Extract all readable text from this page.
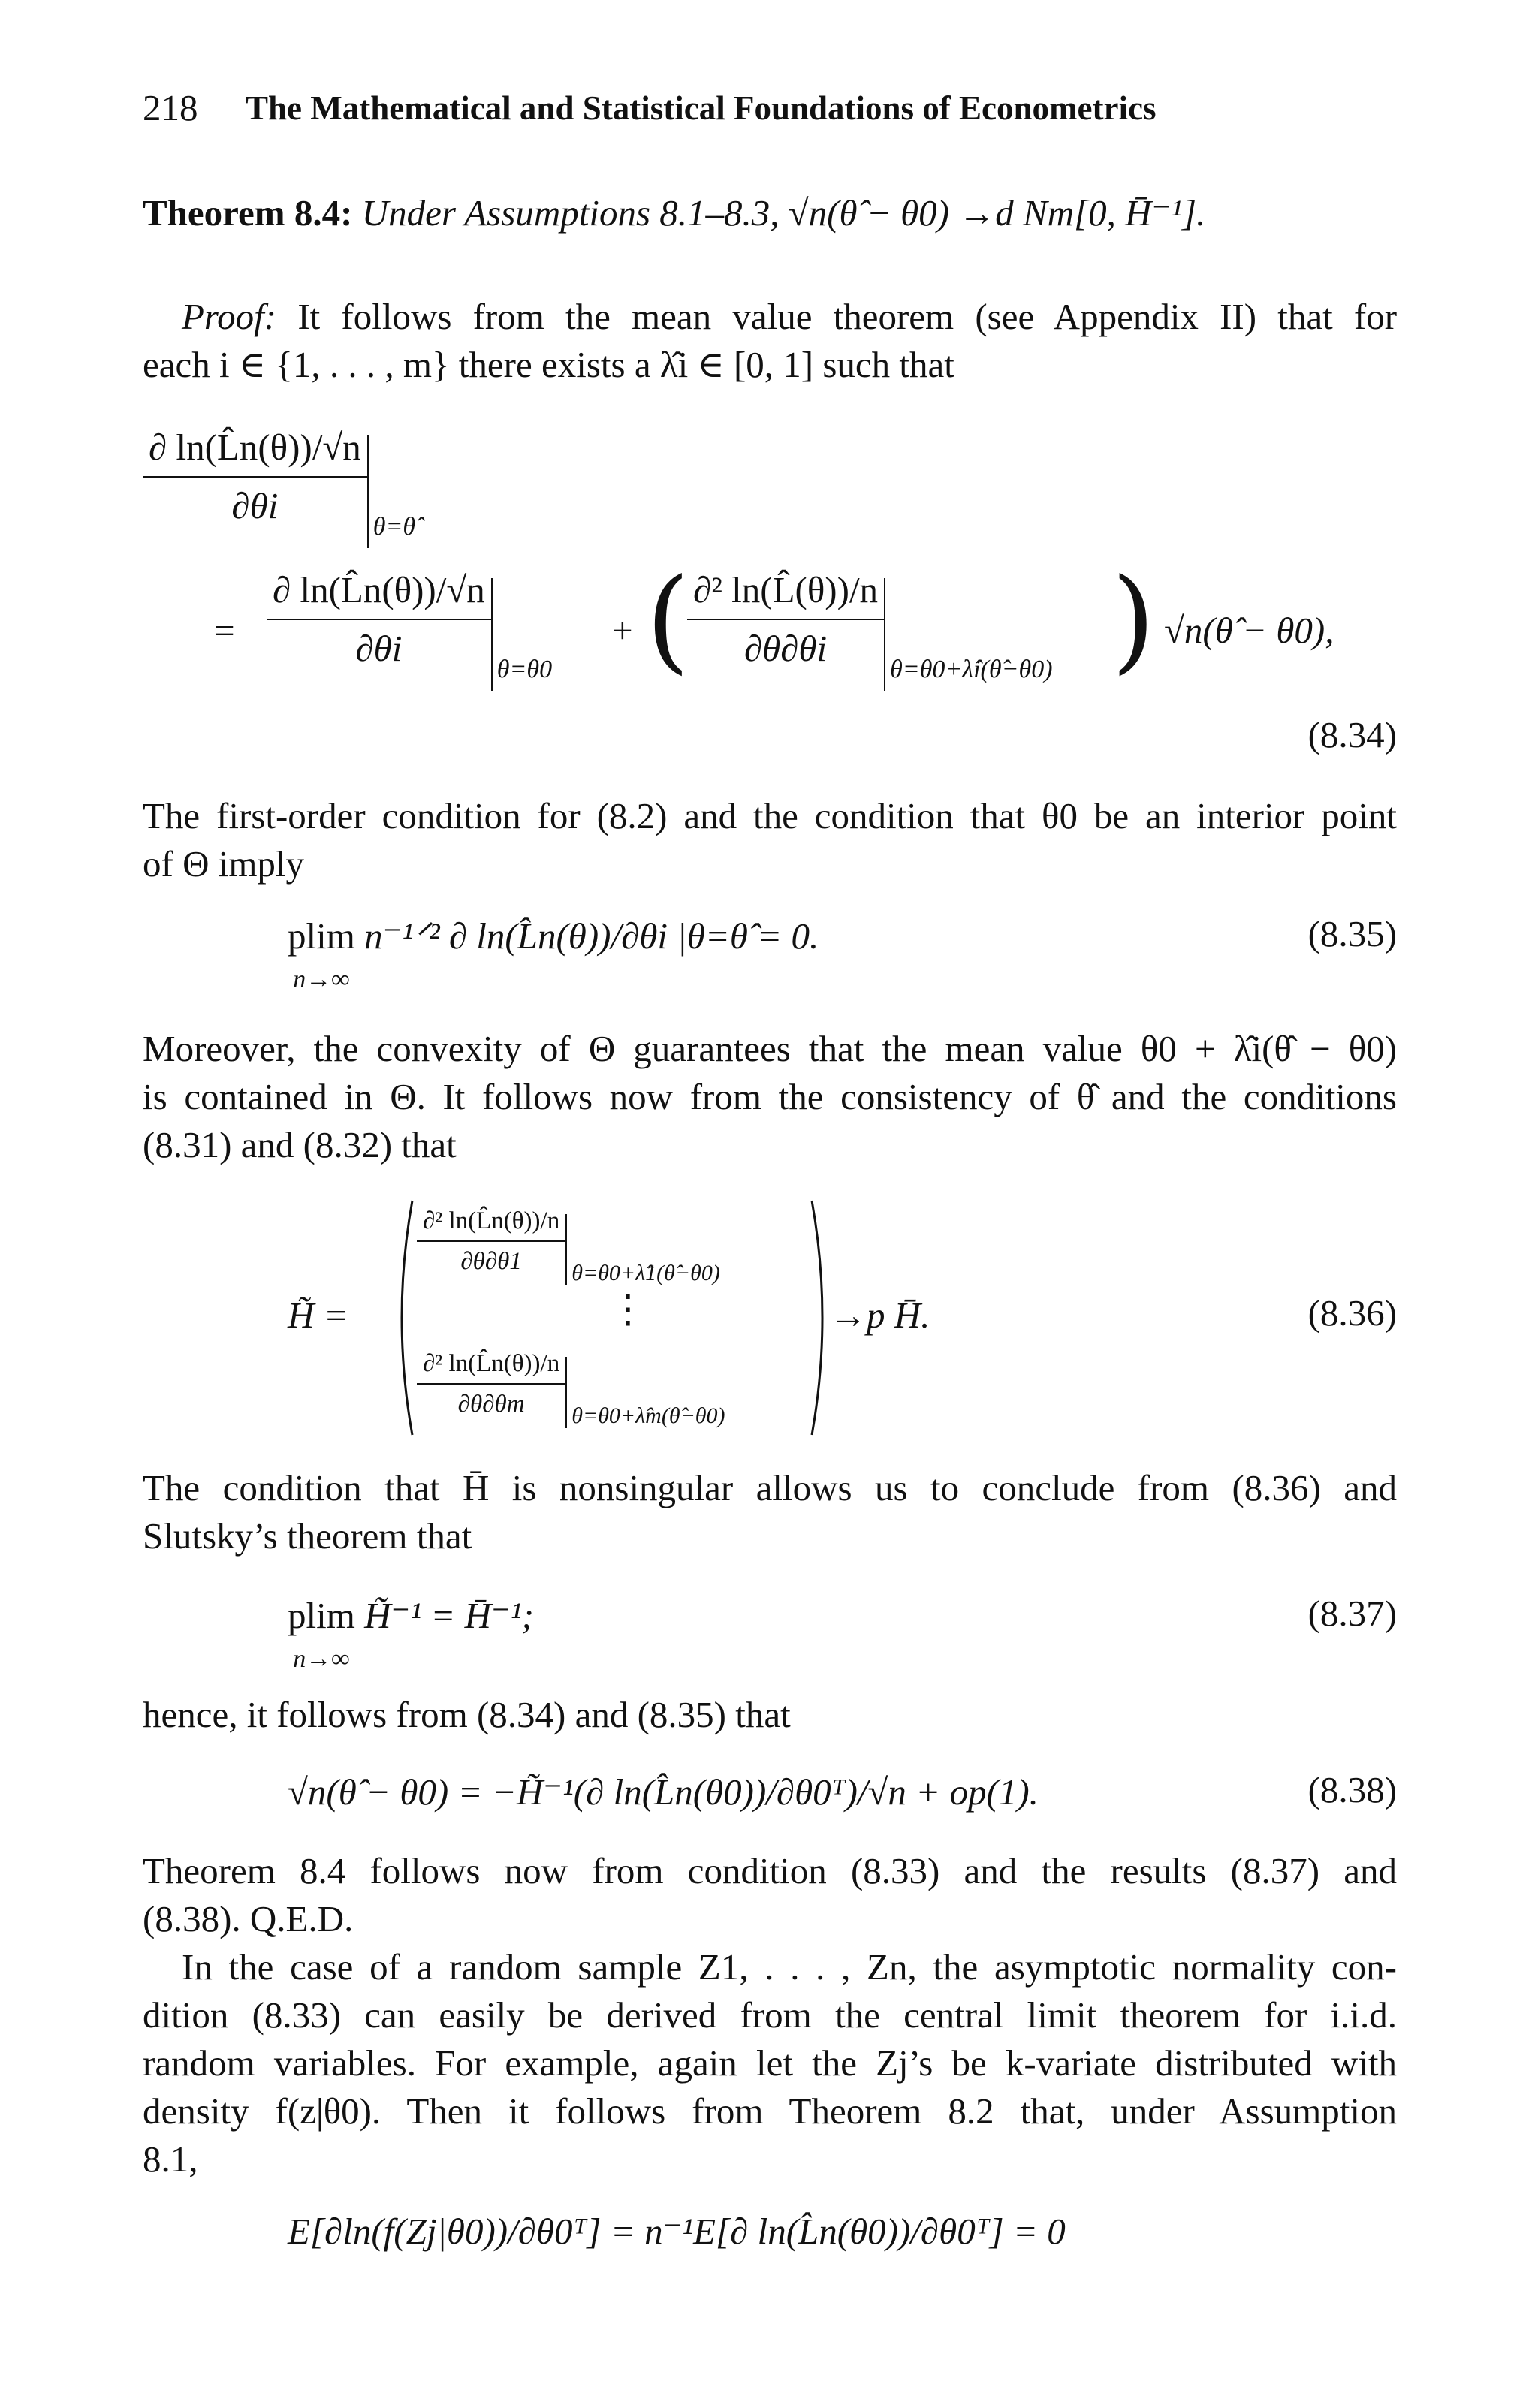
218 The Mathematical and Statistical Foundations of Econometrics
Theorem 8.4: Under Assumptions 8.1–8.3, √n(θ̂ − θ0) →d Nm[0, H̄⁻¹].
Proof: It follows from the mean value theorem (see Appendix II) that for
each i ∈ {1, . . . , m} there exists a λ̂i ∈ [0, 1] such that
$\frac{\partial \ln(L̂n(\theta))/√n}{\partial\theta i}$ θ=θ̂
= $\frac{\partial \ln(L̂n(\theta))/√n}{\partial\theta i} \theta=\theta 0$
+ (
$\frac{\text{∂² ln(L̂(θ))/n}}{\partial\theta\partial\theta i}$ θ=θ0+λ̂i(θ̂−θ0) ) √n(θ̂ − θ0),
(8.34)
The first-order condition for (8.2) and the condition that θ0 be an interior point
of Θ imply
plim
$^{n\to\infty}$ n⁻¹ᐟ² ∂ ln(L̂n(θ))/∂θi |θ=θ̂ = 0.	(8.35)
Moreover, the convexity of Θ guarantees that the mean value θ0 + λ̂i(θ̂ − θ0)
is contained in Θ. It follows now from the consistency of θ̂ and the conditions
(8.31) and (8.32) that
H̃ =
$\frac{\text{∂² ln(L̂n(θ))/n}}{\partial\theta\partial\theta 1}$ θ=θ0+λ̂1(θ̂−θ0)
⋮
$\frac{\text{∂² ln(L̂n(θ))/n}}{\partial\theta\partial\theta m}$ θ=θ0+λ̂m(θ̂−θ0)
→p H̄.	(8.36)
The condition that H̄ is nonsingular allows us to conclude from (8.36) and
Slutsky’s theorem that
plim
$^{n\to\infty}$ H̃⁻¹ = H̄⁻¹;	(8.37)
hence, it follows from (8.34) and (8.35) that
√n(θ̂ − θ0) = −H̃⁻¹(∂ ln(L̂n(θ0))/∂θ0ᵀ)/√n + op(1).	(8.38)
Theorem 8.4 follows now from condition (8.33) and the results (8.37) and
(8.38). Q.E.D.
In the case of a random sample Z1, . . . , Zn, the asymptotic normality con-
dition (8.33) can easily be derived from the central limit theorem for i.i.d.
random variables. For example, again let the Zj’s be k-variate distributed with
density f(z|θ0). Then it follows from Theorem 8.2 that, under Assumption
8.1,
E[∂ln(f(Zj|θ0))/∂θ0ᵀ] = n⁻¹E[∂ ln(L̂n(θ0))/∂θ0ᵀ] = 0
